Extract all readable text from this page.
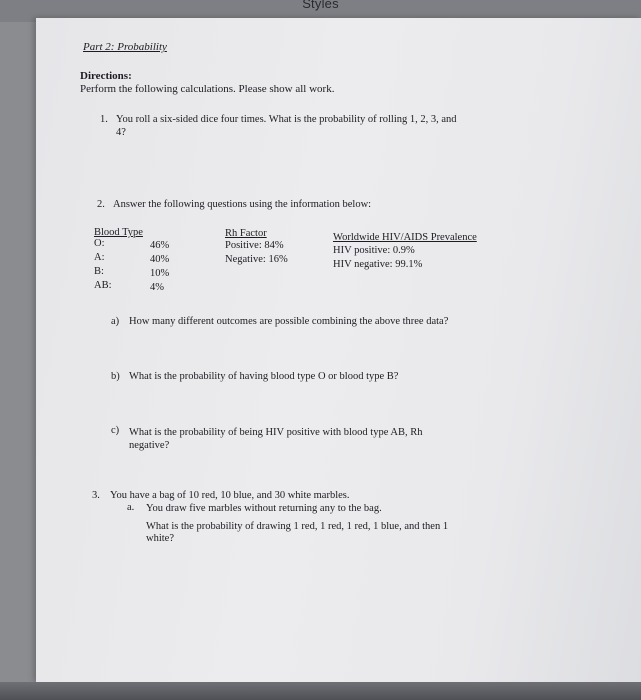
Styles
Part 2: Probability
Directions:
Perform the following calculations. Please show all work.
1. You roll a six-sided dice four times. What is the probability of rolling 1, 2, 3, and
4?
2. Answer the following questions using the information below:
Blood Type
O:	46%
A:	40%
B:	10%
AB:	4%
Rh Factor
Positive: 84%
Negative: 16%
Worldwide HIV/AIDS Prevalence
HIV positive: 0.9%
HIV negative: 99.1%
a) How many different outcomes are possible combining the above three data?
b) What is the probability of having blood type O or blood type B?
c) What is the probability of being HIV positive with blood type AB, Rh
negative?
3. You have a bag of 10 red, 10 blue, and 30 white marbles.
a. You draw five marbles without returning any to the bag.
What is the probability of drawing 1 red, 1 red, 1 red, 1 blue, and then 1
white?
